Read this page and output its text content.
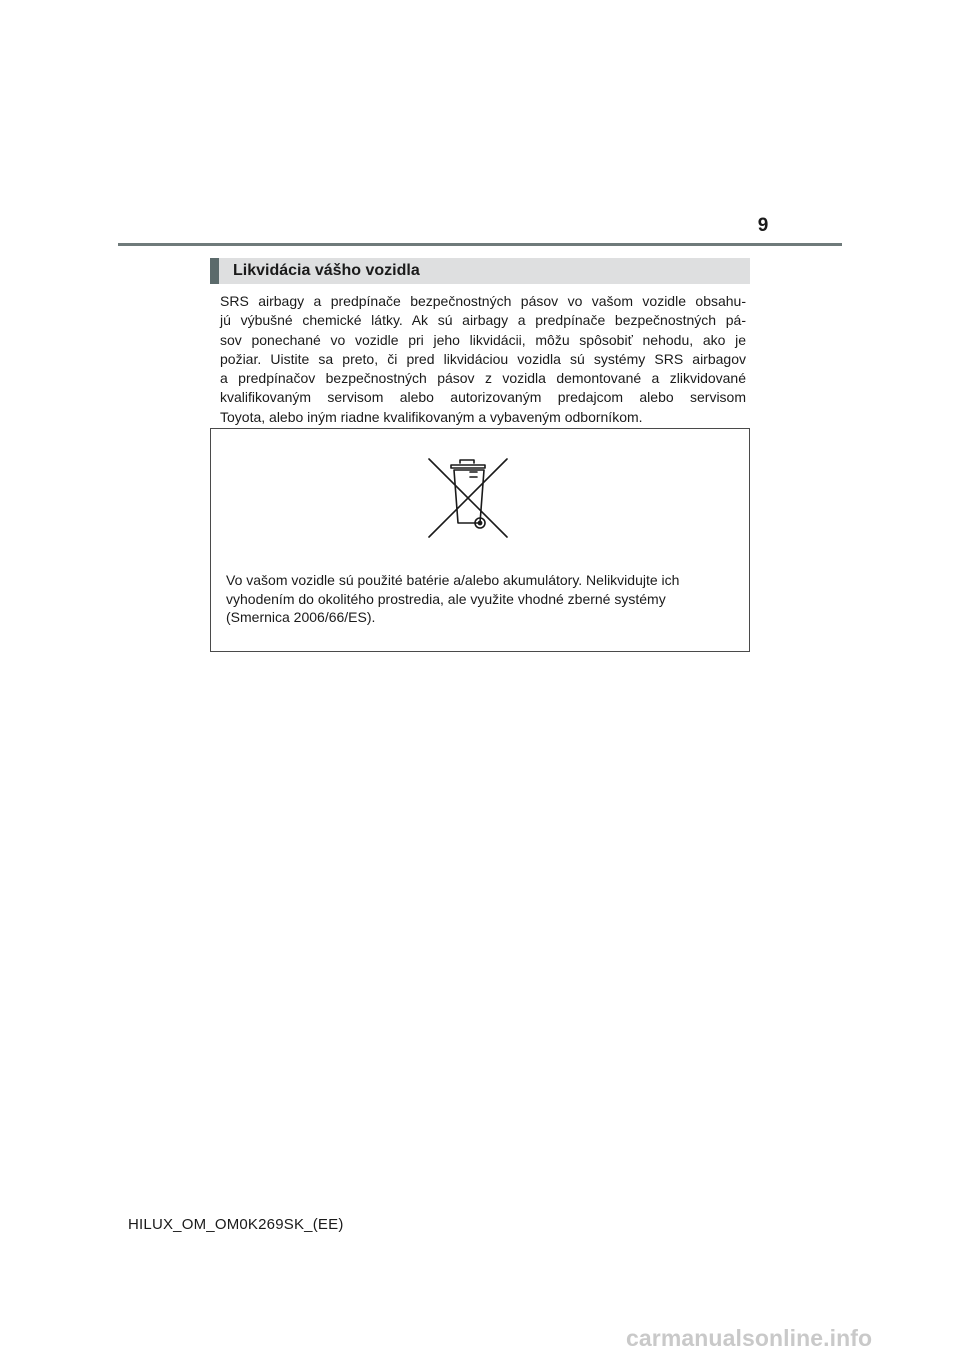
9
Likvidácia vášho vozidla

SRS airbagy a predpínače bezpečnostných pásov vo vašom vozidle obsahu-
jú výbušné chemické látky. Ak sú airbagy a predpínače bezpečnostných pá-
sov ponechané vo vozidle pri jeho likvidácii, môžu spôsobiť nehodu, ako je
požiar. Uistite sa preto, či pred likvidáciou vozidla sú systémy SRS airbagov
a predpínačov bezpečnostných pásov z vozidla demontované a zlikvidované
kvalifikovaným servisom alebo autorizovaným predajcom alebo servisom
Toyota, alebo iným riadne kvalifikovaným a vybaveným odborníkom.

Vo vašom vozidle sú použité batérie a/alebo akumulátory. Nelikvidujte ich
vyhodením do okolitého prostredia, ale využite vhodné zberné systémy
(Smernica 2006/66/ES).

HILUX_OM_OM0K269SK_(EE)
carmanualsonline.info
